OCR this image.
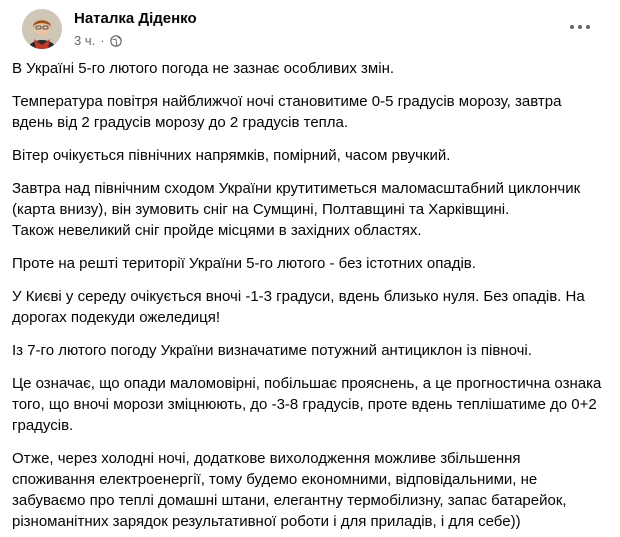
Наталка Діденко
3 ч. ·

В Україні 5-го лютого погода не зазнає особливих змін.

Температура повітря найближчої ночі становитиме 0-5 градусів морозу, завтра вдень від 2 градусів морозу до 2 градусів тепла.

Вітер очікується північних напрямків, помірний, часом рвучкий.

Завтра над північним сходом України крутитиметься маломасштабний циклончик (карта внизу), він зумовить сніг на Сумщині, Полтавщині та Харківщині.
Також невеликий сніг пройде місцями в західних областях.

Проте на решті території України 5-го лютого - без істотних опадів.

У Києві у середу очікується вночі -1-3 градуси, вдень близько нуля. Без опадів. На дорогах подекуди ожеледиця!

Із 7-го лютого погоду України визначатиме потужний антициклон із півночі.

Це означає, що опади маломовірні, побільшає прояснень, а це прогностична ознака того, що вночі морози зміцнюють, до -3-8 градусів, проте вдень теплішатиме до 0+2 градусів.

Отже, через холодні ночі, додаткове вихолодження можливе збільшення споживання електроенергії, тому будемо економними, відповідальними, не забуваємо про теплі домашні штани, елегантну термобілизну, запас батарейок, різноманітних зарядок результативної роботи і для приладів, і для себе))
